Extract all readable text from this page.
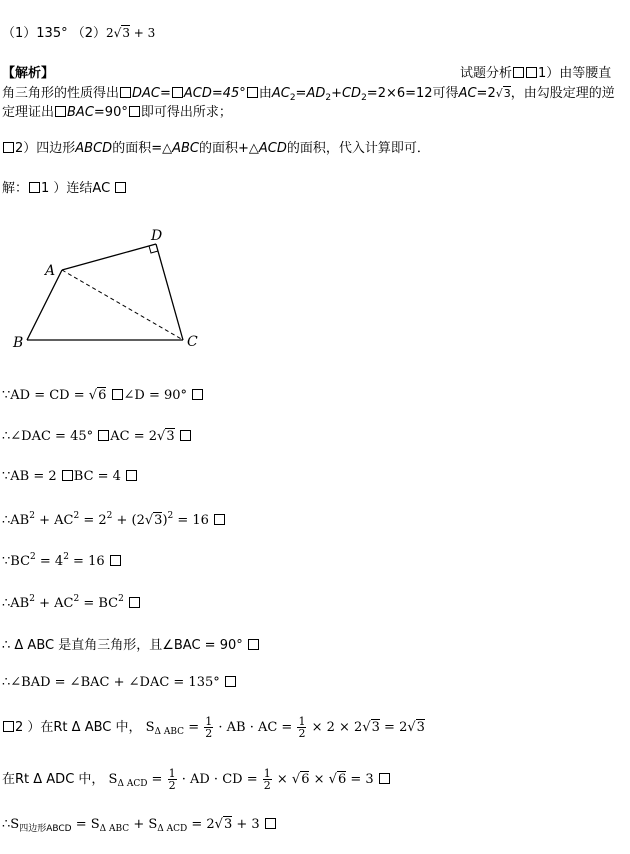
（1）135° （2）2√3 + 3
【解析】	试题分析 1）由等腰直
角三角形的性质得出 DAC= ACD=45° 由$AC_2=AD_2+CD_2=2\times 6=12$可得AC=2√3，由勾股定理的逆
定理证出 BAC=90° 即可得出所求；
2）四边形ABCD的面积=△ABC的面积+△ACD的面积，代入计算即可．
解： 1 ）连结AC
A
B	C
D
∵AD = CD = √6 ∠D = 90°
∴∠DAC = 45° AC = 2√3
∵AB = 2 BC = 4
$\therefore AB^2 + AC^2 = 2^2 + (2√3)^2 = 16$
$\because BC^2 = 4^2 = 16$
$\therefore AB^2 + AC^2 = BC^2$
∴ Δ ABC 是直角三角形，且∠BAC = 90°
∴∠BAD = ∠BAC + ∠DAC = 135°
2 ）在Rt Δ ABC 中， $S_{\Delta ABC} = \frac{1}{2}$ · AB · AC = $\frac{1}{2} \times 2 \times 2√3 = 2√3$
在Rt Δ ADC 中， $S_{\Delta ACD} = \frac{1}{2}$ · AD · CD = $\frac{1}{2} \times √6 \times √6 = 3$
$\therefore S_{四边形ABCD} = S_{\Delta ABC} + S_{\Delta ACD} = 2√3 + 3$
